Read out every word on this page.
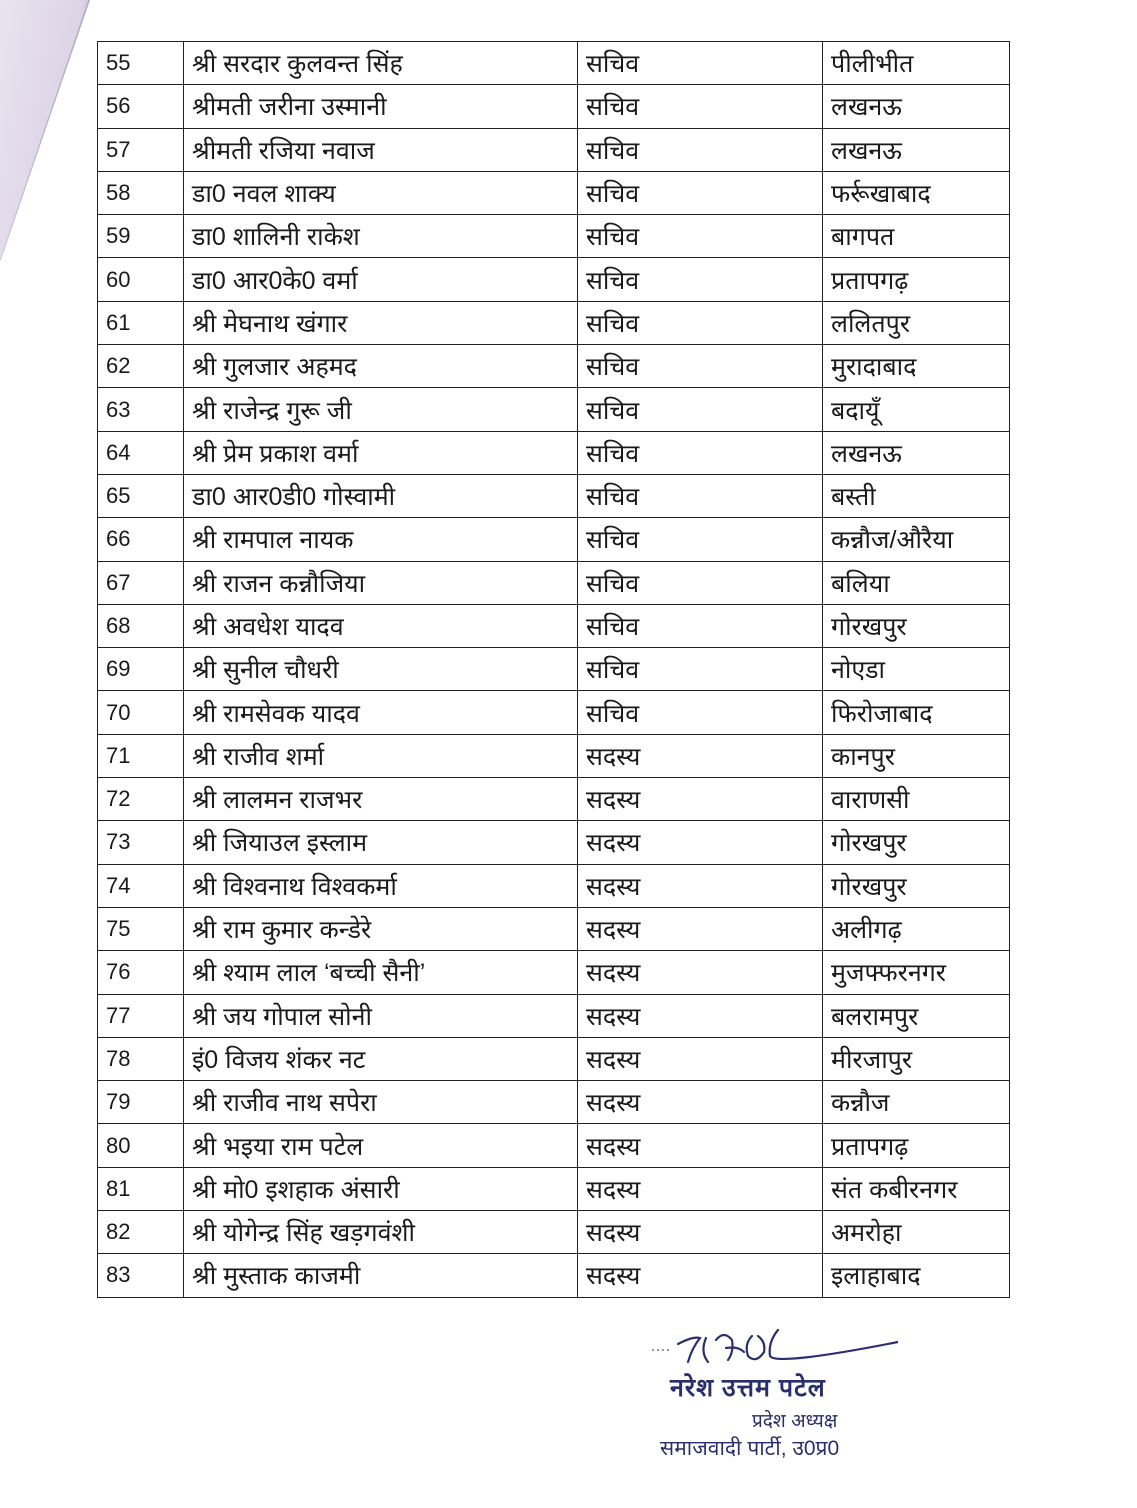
55	श्री सरदार कुलवन्त सिंह	सचिव	पीलीभीत
56	श्रीमती जरीना उस्मानी	सचिव	लखनऊ
57	श्रीमती रजिया नवाज	सचिव	लखनऊ
58	डा0 नवल शाक्य	सचिव	फर्रूखाबाद
59	डा0 शालिनी राकेश	सचिव	बागपत
60	डा0 आर0के0 वर्मा	सचिव	प्रतापगढ़
61	श्री मेघनाथ खंगार	सचिव	ललितपुर
62	श्री गुलजार अहमद	सचिव	मुरादाबाद
63	श्री राजेन्द्र गुरू जी	सचिव	बदायूँ
64	श्री प्रेम प्रकाश वर्मा	सचिव	लखनऊ
65	डा0 आर0डी0 गोस्वामी	सचिव	बस्ती
66	श्री रामपाल नायक	सचिव	कन्नौज/औरैया
67	श्री राजन कन्नौजिया	सचिव	बलिया
68	श्री अवधेश यादव	सचिव	गोरखपुर
69	श्री सुनील चौधरी	सचिव	नोएडा
70	श्री रामसेवक यादव	सचिव	फिरोजाबाद
71	श्री राजीव शर्मा	सदस्य	कानपुर
72	श्री लालमन राजभर	सदस्य	वाराणसी
73	श्री जियाउल इस्लाम	सदस्य	गोरखपुर
74	श्री विश्वनाथ विश्वकर्मा	सदस्य	गोरखपुर
75	श्री राम कुमार कन्डेरे	सदस्य	अलीगढ़
76	श्री श्याम लाल ‘बच्ची सैनी’	सदस्य	मुजफ्फरनगर
77	श्री जय गोपाल सोनी	सदस्य	बलरामपुर
78	इं0 विजय शंकर नट	सदस्य	मीरजापुर
79	श्री राजीव नाथ सपेरा	सदस्य	कन्नौज
80	श्री भइया राम पटेल	सदस्य	प्रतापगढ़
81	श्री मो0 इशहाक अंसारी	सदस्य	संत कबीरनगर
82	श्री योगेन्द्र सिंह खड़गवंशी	सदस्य	अमरोहा
83	श्री मुस्ताक काजमी	सदस्य	इलाहाबाद
नरेश उत्तम पटेल
प्रदेश अध्यक्ष
समाजवादी पार्टी, उ0प्र0
